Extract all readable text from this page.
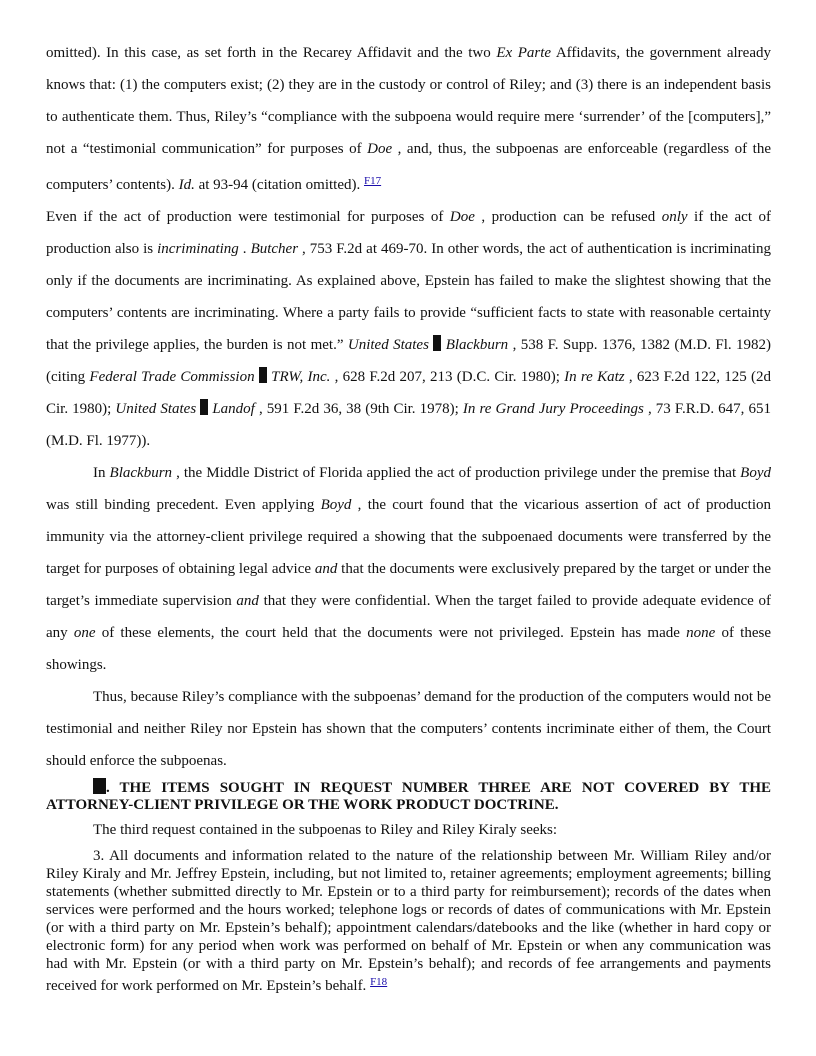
omitted). In this case, as set forth in the Recarey Affidavit and the two Ex Parte Affidavits, the government already knows that: (1) the computers exist; (2) they are in the custody or control of Riley; and (3) there is an independent basis to authenticate them. Thus, Riley’s “compliance with the subpoena would require mere ‘surrender’ of the [computers],” not a “testimonial communication” for purposes of Doe , and, thus, the subpoenas are enforceable (regardless of the computers’ contents). Id. at 93-94 (citation omitted). $^{F17}$

Even if the act of production were testimonial for purposes of Doe , production can be refused only if the act of production also is incriminating . Butcher , 753 F.2d at 469-70. In other words, the act of authentication is incriminating only if the documents are incriminating. As explained above, Epstein has failed to make the slightest showing that the computers’ contents are incriminating. Where a party fails to provide “sufficient facts to state with reasonable certainty that the privilege applies, the burden is not met.” United States  Blackburn , 538 F. Supp. 1376, 1382 (M.D. Fl. 1982) (citing Federal Trade Commission  TRW, Inc. , 628 F.2d 207, 213 (D.C. Cir. 1980); In re Katz , 623 F.2d 122, 125 (2d Cir. 1980); United States  Landof , 591 F.2d 36, 38 (9th Cir. 1978); In re Grand Jury Proceedings , 73 F.R.D. 647, 651 (M.D. Fl. 1977)).

In Blackburn , the Middle District of Florida applied the act of production privilege under the premise that Boyd was still binding precedent. Even applying Boyd , the court found that the vicarious assertion of act of production immunity via the attorney-client privilege required a showing that the subpoenaed documents were transferred by the target for purposes of obtaining legal advice and that the documents were exclusively prepared by the target or under the target’s immediate supervision and that they were confidential. When the target failed to provide adequate evidence of any one of these elements, the court held that the documents were not privileged. Epstein has made none of these showings.

Thus, because Riley’s compliance with the subpoenas’ demand for the production of the computers would not be testimonial and neither Riley nor Epstein has shown that the computers’ contents incriminate either of them, the Court should enforce the subpoenas.

. THE ITEMS SOUGHT IN REQUEST NUMBER THREE ARE NOT COVERED BY THE ATTORNEY-CLIENT PRIVILEGE OR THE WORK PRODUCT DOCTRINE.

The third request contained in the subpoenas to Riley and Riley Kiraly seeks:

3. All documents and information related to the nature of the relationship between Mr. William Riley and/or Riley Kiraly and Mr. Jeffrey Epstein, including, but not limited to, retainer agreements; employment agreements; billing statements (whether submitted directly to Mr. Epstein or to a third party for reimbursement); records of the dates when services were performed and the hours worked; telephone logs or records of dates of communications with Mr. Epstein (or with a third party on Mr. Epstein’s behalf); appointment calendars/datebooks and the like (whether in hard copy or electronic form) for any period when work was performed on behalf of Mr. Epstein or when any communication was had with Mr. Epstein (or with a third party on Mr. Epstein’s behalf); and records of fee arrangements and payments received for work performed on Mr. Epstein’s behalf. $^{F18}$
